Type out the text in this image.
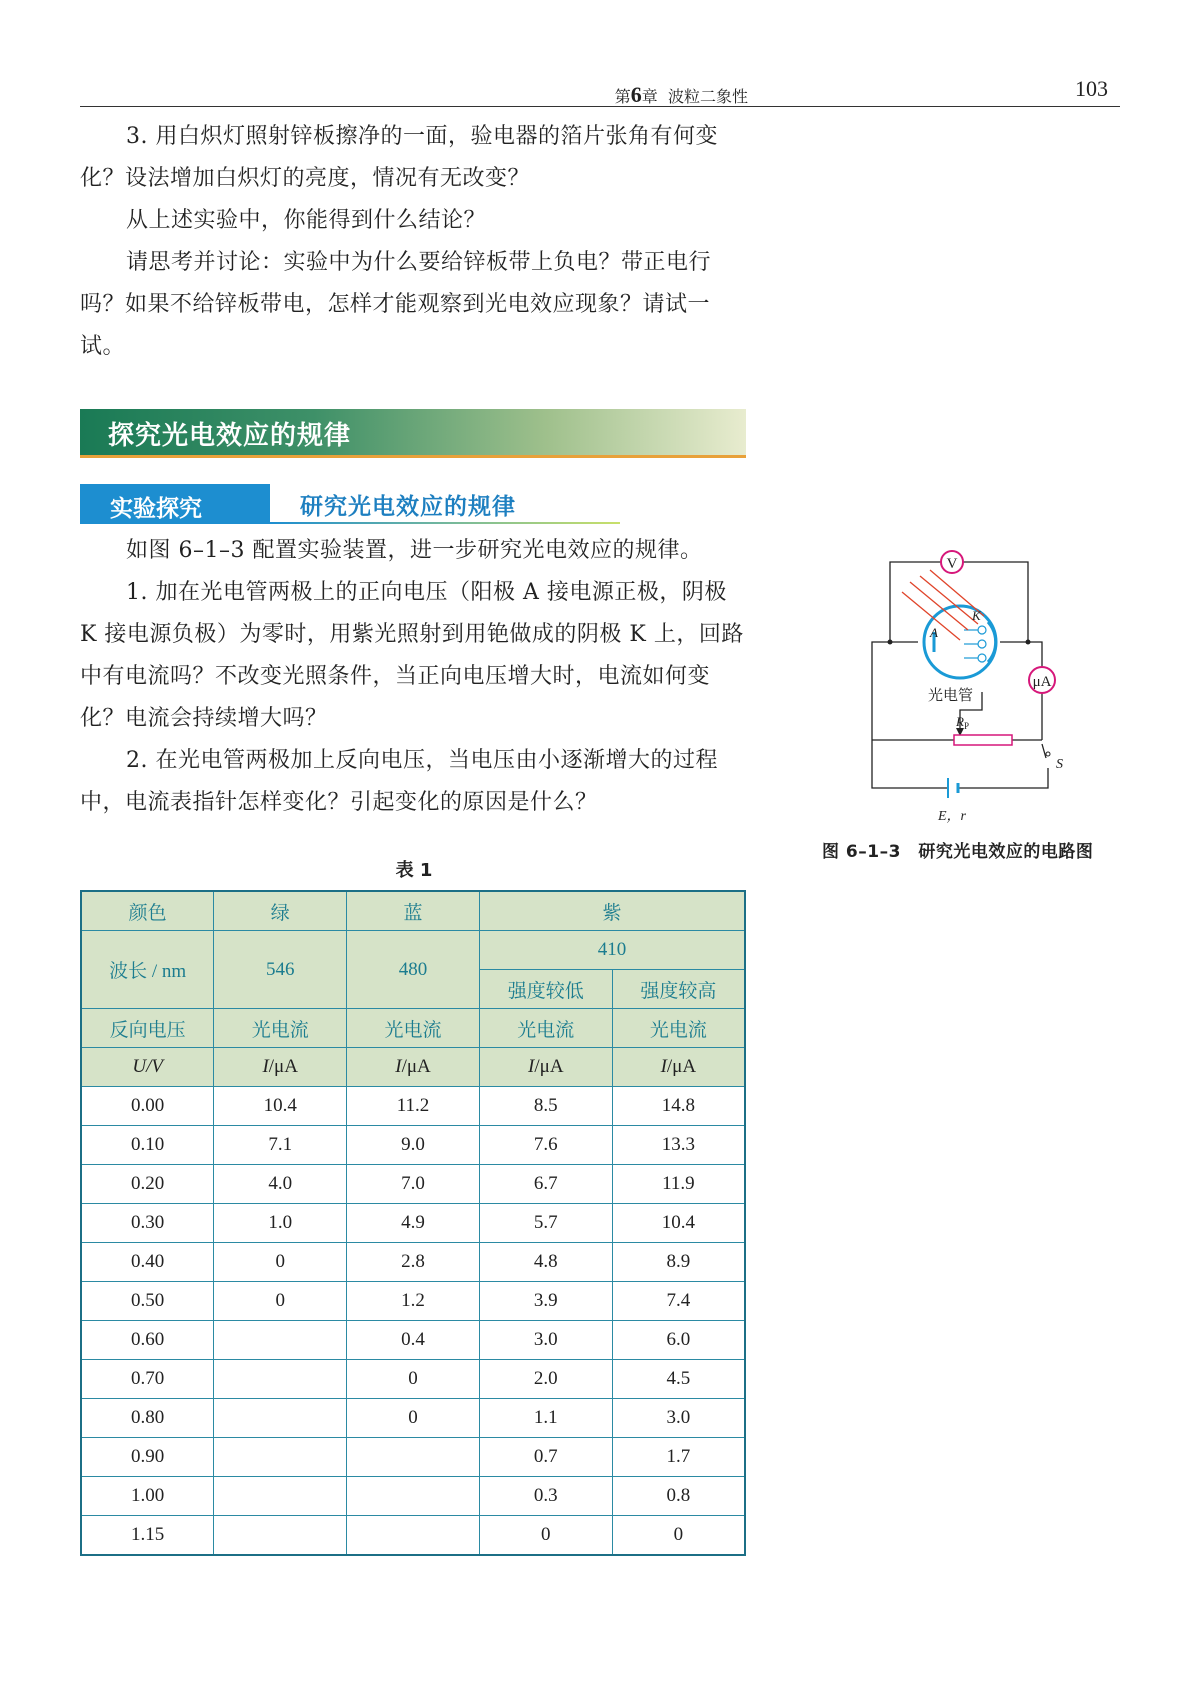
第6章 波粒二象性	103

3. 用白炽灯照射锌板擦净的一面，验电器的箔片张角有何变化？设法增加白炽灯的亮度，情况有无改变？

从上述实验中，你能得到什么结论？

请思考并讨论：实验中为什么要给锌板带上负电？带正电行吗？如果不给锌板带电，怎样才能观察到光电效应现象？请试一试。

探究光电效应的规律
实验探究	研究光电效应的规律

如图 6–1–3 配置实验装置，进一步研究光电效应的规律。

1. 加在光电管两极上的正向电压（阳极 A 接电源正极，阴极 K 接电源负极）为零时，用紫光照射到用铯做成的阴极 K 上，回路中有电流吗？不改变光照条件，当正向电压增大时，电流如何变化？电流会持续增大吗？

2. 在光电管两极加上反向电压，当电压由小逐渐增大的过程中，电流表指针怎样变化？引起变化的原因是什么？

V
μA
A
K
光电管
$R_P$
S
E，r
图 6–1–3　研究光电效应的电路图
表 1
颜色	绿	蓝	紫	
波长 / nm	546	480	410	
			强度较低	强度较高
反向电压	光电流	光电流	光电流	光电流
U/V	I/μA	I/μA	I/μA	I/μA
0.00	10.4	11.2	8.5	14.8
0.10	7.1	9.0	7.6	13.3
0.20	4.0	7.0	6.7	11.9
0.30	1.0	4.9	5.7	10.4
0.40	0	2.8	4.8	8.9
0.50	0	1.2	3.9	7.4
0.60		0.4	3.0	6.0
0.70		0	2.0	4.5
0.80		0	1.1	3.0
0.90			0.7	1.7
1.00			0.3	0.8
1.15			0	0
